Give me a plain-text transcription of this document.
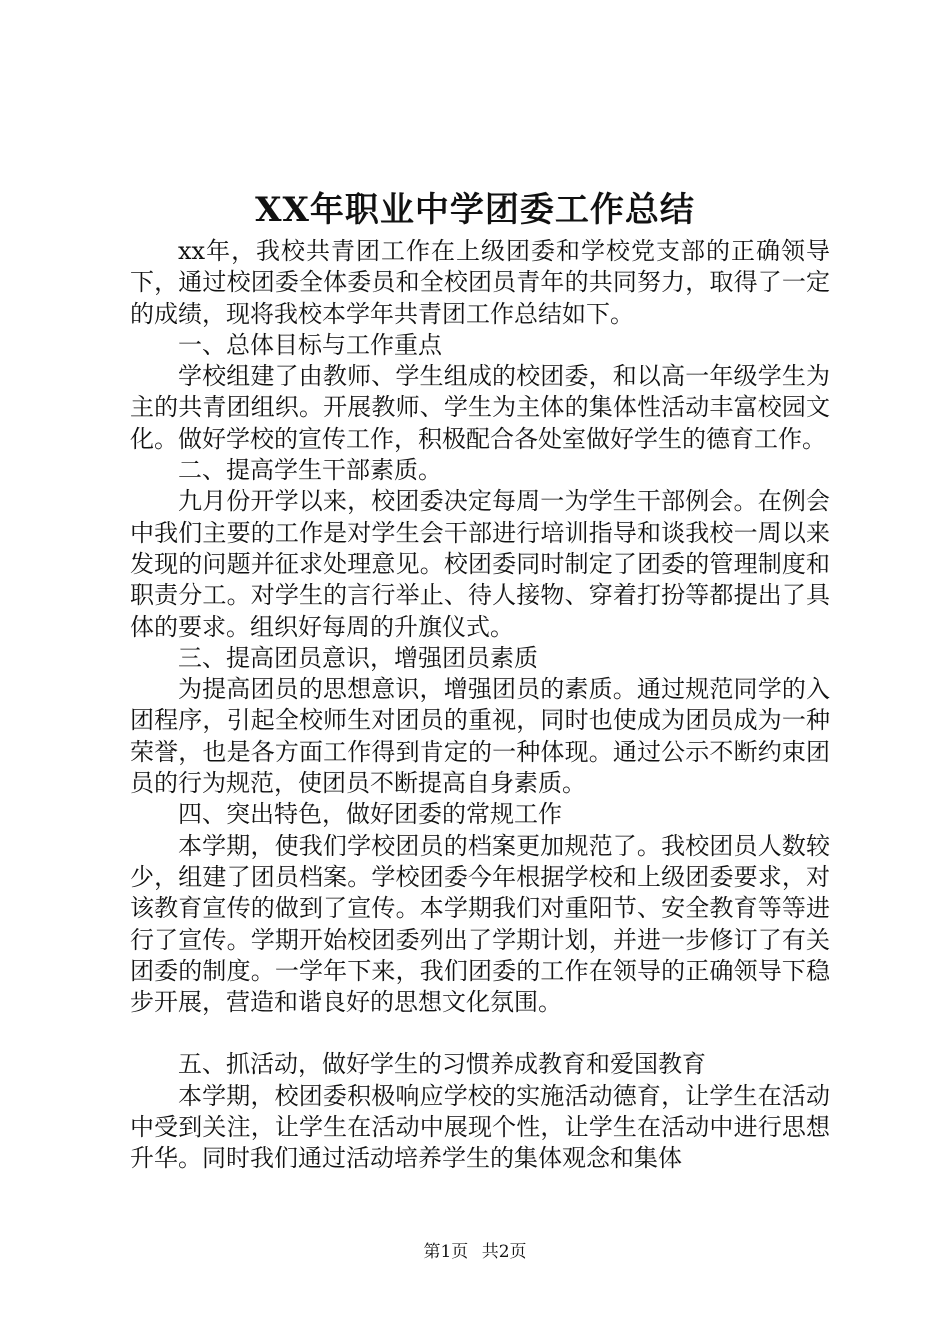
XX年职业中学团委工作总结

xx年，我校共青团工作在上级团委和学校党支部的正确领导下，通过校团委全体委员和全校团员青年的共同努力，取得了一定的成绩，现将我校本学年共青团工作总结如下。

一、总体目标与工作重点

学校组建了由教师、学生组成的校团委，和以高一年级学生为主的共青团组织。开展教师、学生为主体的集体性活动丰富校园文化。做好学校的宣传工作，积极配合各处室做好学生的德育工作。

二、提高学生干部素质。

九月份开学以来，校团委决定每周一为学生干部例会。在例会中我们主要的工作是对学生会干部进行培训指导和谈我校一周以来发现的问题并征求处理意见。校团委同时制定了团委的管理制度和职责分工。对学生的言行举止、待人接物、穿着打扮等都提出了具体的要求。组织好每周的升旗仪式。

三、提高团员意识，增强团员素质

为提高团员的思想意识，增强团员的素质。通过规范同学的入团程序，引起全校师生对团员的重视，同时也使成为团员成为一种荣誉，也是各方面工作得到肯定的一种体现。通过公示不断约束团员的行为规范，使团员不断提高自身素质。

四、突出特色，做好团委的常规工作

本学期，使我们学校团员的档案更加规范了。我校团员人数较少，组建了团员档案。学校团委今年根据学校和上级团委要求，对该教育宣传的做到了宣传。本学期我们对重阳节、安全教育等等进行了宣传。学期开始校团委列出了学期计划，并进一步修订了有关团委的制度。一学年下来，我们团委的工作在领导的正确领导下稳步开展，营造和谐良好的思想文化氛围。

五、抓活动，做好学生的习惯养成教育和爱国教育

本学期，校团委积极响应学校的实施活动德育，让学生在活动中受到关注，让学生在活动中展现个性，让学生在活动中进行思想升华。同时我们通过活动培养学生的集体观念和集体

第1页 共2页
